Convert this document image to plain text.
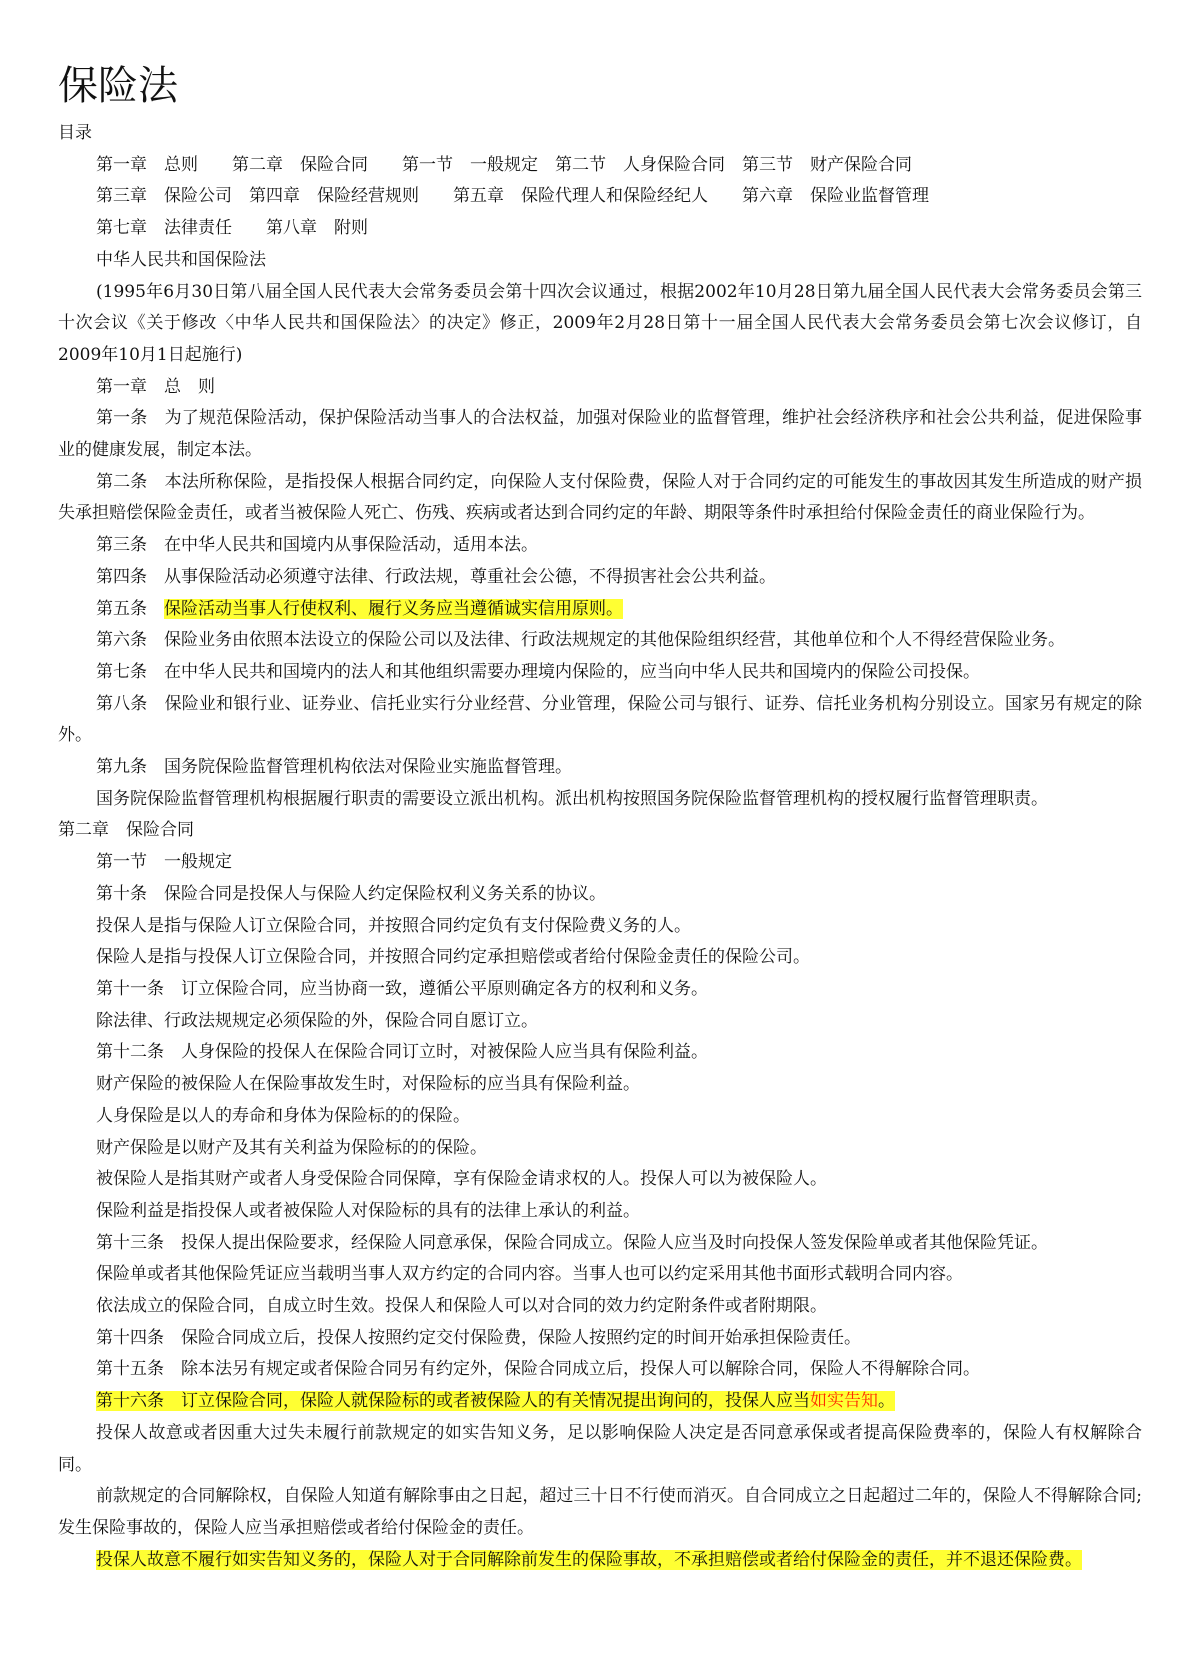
保险法

目录

第一章　总则　　第二章　保险合同　　第一节　一般规定　第二节　人身保险合同　第三节　财产保险合同

第三章　保险公司　第四章　保险经营规则　　第五章　保险代理人和保险经纪人　　第六章　保险业监督管理

第七章　法律责任　　第八章　附则

中华人民共和国保险法

(1995年6月30日第八届全国人民代表大会常务委员会第十四次会议通过，根据2002年10月28日第九届全国人民代表大会常务委员会第三十次会议《关于修改〈中华人民共和国保险法〉的决定》修正，2009年2月28日第十一届全国人民代表大会常务委员会第七次会议修订，自2009年10月1日起施行)

第一章　总　则

第一条　为了规范保险活动，保护保险活动当事人的合法权益，加强对保险业的监督管理，维护社会经济秩序和社会公共利益，促进保险事业的健康发展，制定本法。

第二条　本法所称保险，是指投保人根据合同约定，向保险人支付保险费，保险人对于合同约定的可能发生的事故因其发生所造成的财产损失承担赔偿保险金责任，或者当被保险人死亡、伤残、疾病或者达到合同约定的年龄、期限等条件时承担给付保险金责任的商业保险行为。

第三条　在中华人民共和国境内从事保险活动，适用本法。

第四条　从事保险活动必须遵守法律、行政法规，尊重社会公德，不得损害社会公共利益。

第五条　保险活动当事人行使权利、履行义务应当遵循诚实信用原则。

第六条　保险业务由依照本法设立的保险公司以及法律、行政法规规定的其他保险组织经营，其他单位和个人不得经营保险业务。

第七条　在中华人民共和国境内的法人和其他组织需要办理境内保险的，应当向中华人民共和国境内的保险公司投保。

第八条　保险业和银行业、证券业、信托业实行分业经营、分业管理，保险公司与银行、证券、信托业务机构分别设立。国家另有规定的除外。

第九条　国务院保险监督管理机构依法对保险业实施监督管理。

国务院保险监督管理机构根据履行职责的需要设立派出机构。派出机构按照国务院保险监督管理机构的授权履行监督管理职责。

第二章　保险合同

第一节　一般规定

第十条　保险合同是投保人与保险人约定保险权利义务关系的协议。

投保人是指与保险人订立保险合同，并按照合同约定负有支付保险费义务的人。

保险人是指与投保人订立保险合同，并按照合同约定承担赔偿或者给付保险金责任的保险公司。

第十一条　订立保险合同，应当协商一致，遵循公平原则确定各方的权利和义务。

除法律、行政法规规定必须保险的外，保险合同自愿订立。

第十二条　人身保险的投保人在保险合同订立时，对被保险人应当具有保险利益。

财产保险的被保险人在保险事故发生时，对保险标的应当具有保险利益。

人身保险是以人的寿命和身体为保险标的的保险。

财产保险是以财产及其有关利益为保险标的的保险。

被保险人是指其财产或者人身受保险合同保障，享有保险金请求权的人。投保人可以为被保险人。

保险利益是指投保人或者被保险人对保险标的具有的法律上承认的利益。

第十三条　投保人提出保险要求，经保险人同意承保，保险合同成立。保险人应当及时向投保人签发保险单或者其他保险凭证。

保险单或者其他保险凭证应当载明当事人双方约定的合同内容。当事人也可以约定采用其他书面形式载明合同内容。

依法成立的保险合同，自成立时生效。投保人和保险人可以对合同的效力约定附条件或者附期限。

第十四条　保险合同成立后，投保人按照约定交付保险费，保险人按照约定的时间开始承担保险责任。

第十五条　除本法另有规定或者保险合同另有约定外，保险合同成立后，投保人可以解除合同，保险人不得解除合同。

第十六条　订立保险合同，保险人就保险标的或者被保险人的有关情况提出询问的，投保人应当如实告知。

投保人故意或者因重大过失未履行前款规定的如实告知义务，足以影响保险人决定是否同意承保或者提高保险费率的，保险人有权解除合同。

前款规定的合同解除权，自保险人知道有解除事由之日起，超过三十日不行使而消灭。自合同成立之日起超过二年的，保险人不得解除合同;发生保险事故的，保险人应当承担赔偿或者给付保险金的责任。

投保人故意不履行如实告知义务的，保险人对于合同解除前发生的保险事故，不承担赔偿或者给付保险金的责任，并不退还保险费。
